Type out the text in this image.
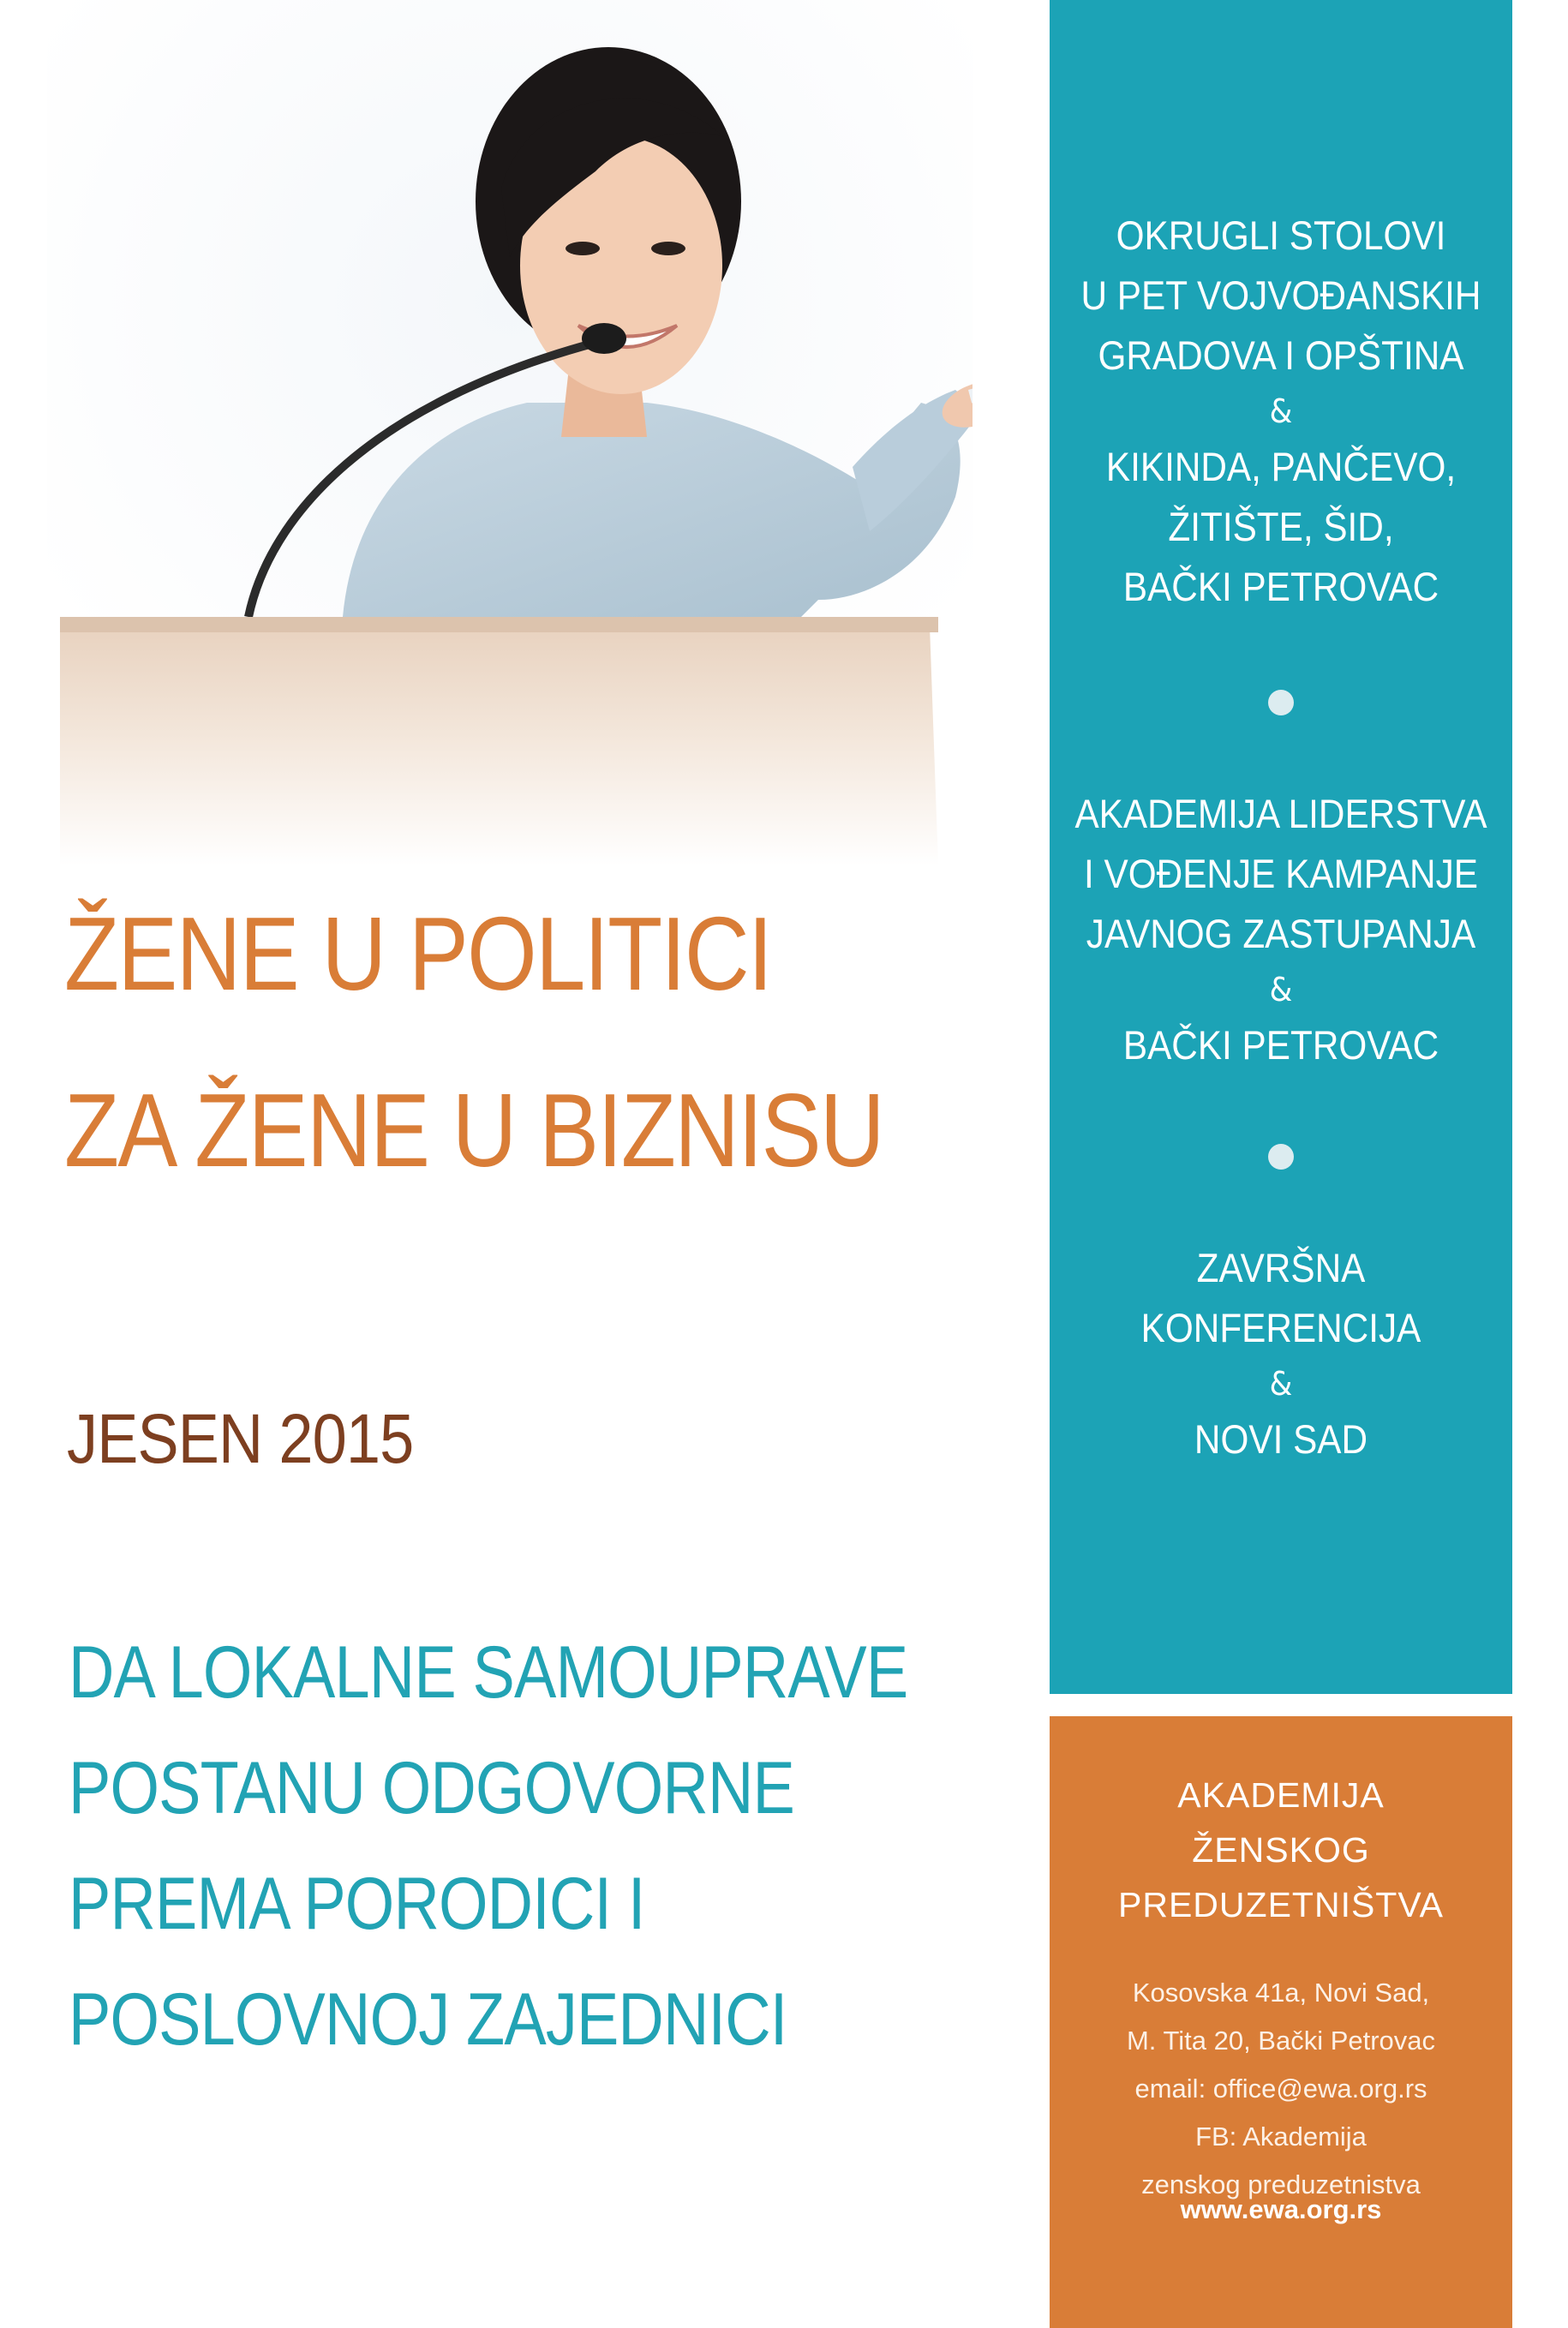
ŽENE U POLITICI
ZA ŽENE U BIZNISU
JESEN 2015
DA LOKALNE SAMOUPRAVE
POSTANU ODGOVORNE
PREMA PORODICI I
POSLOVNOJ ZAJEDNICI
OKRUGLI STOLOVI
U PET VOJVOĐANSKIH
GRADOVA I OPŠTINA
&
KIKINDA, PANČEVO,
ŽITIŠTE, ŠID,
BAČKI PETROVAC
AKADEMIJA LIDERSTVA
I VOĐENJE KAMPANJE
JAVNOG ZASTUPANJA
&
BAČKI PETROVAC
ZAVRŠNA
KONFERENCIJA
&
NOVI SAD
AKADEMIJA
ŽENSKOG
PREDUZETNIŠTVA
Kosovska 41a, Novi Sad,
M. Tita 20, Bački Petrovac
email: office@ewa.org.rs
FB: Akademija
zenskog preduzetnistva
www.ewa.org.rs
